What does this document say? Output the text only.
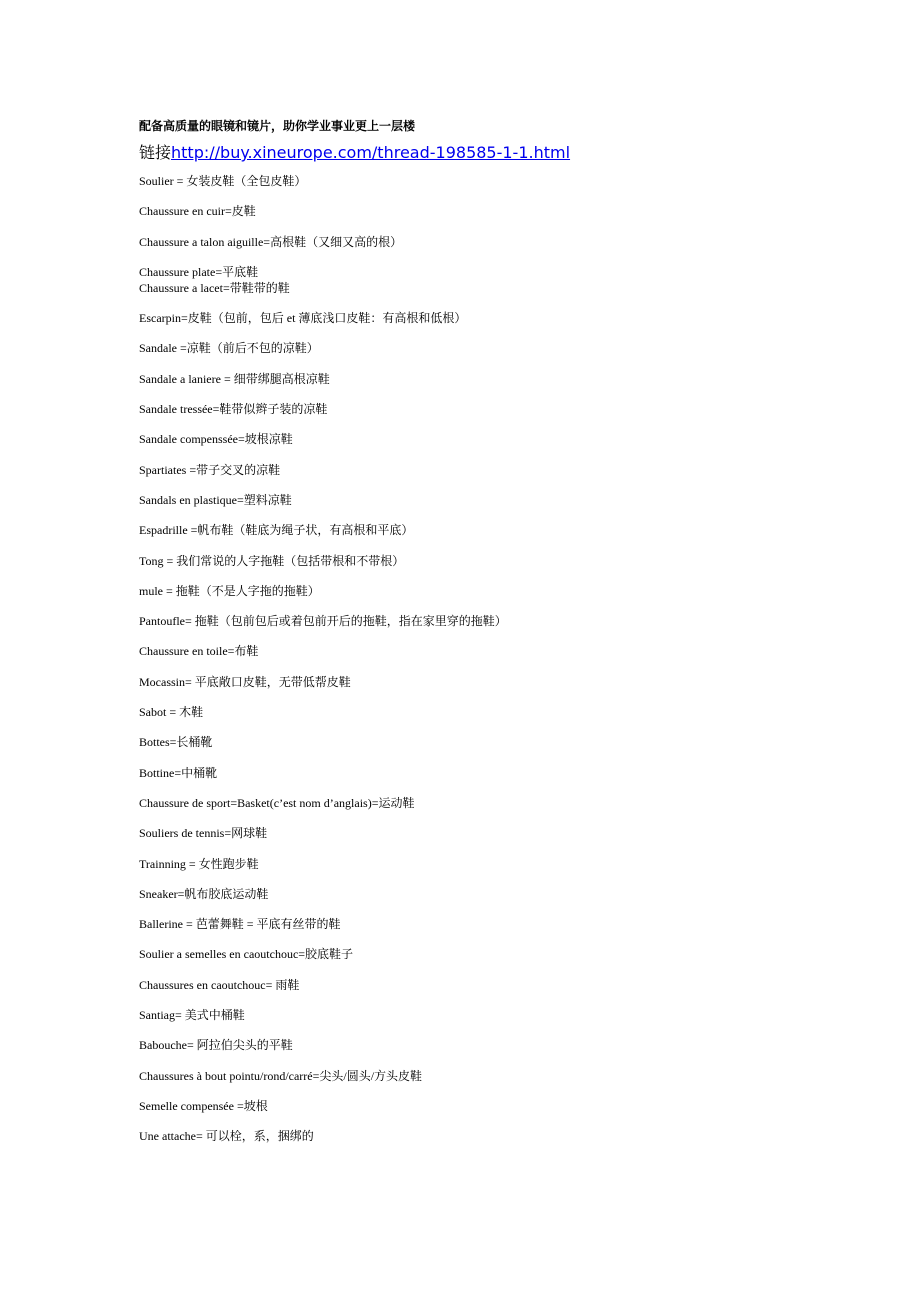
配备高质量的眼镜和镜片，助你学业事业更上一层楼
链接http://buy.xineurope.com/thread-198585-1-1.html
Soulier = 女装皮鞋（全包皮鞋）
Chaussure en cuir=皮鞋
Chaussure a talon aiguille=高根鞋（又细又高的根）
Chaussure plate=平底鞋
Chaussure a lacet=带鞋带的鞋
Escarpin=皮鞋（包前，包后 et 薄底浅口皮鞋：有高根和低根）
Sandale =凉鞋（前后不包的凉鞋）
Sandale a laniere = 细带绑腿高根凉鞋
Sandale tressée=鞋带似辫子装的凉鞋
Sandale compenssée=坡根凉鞋
Spartiates =带子交叉的凉鞋
Sandals en plastique=塑料凉鞋
Espadrille =帆布鞋（鞋底为绳子状，有高根和平底）
Tong = 我们常说的人字拖鞋（包括带根和不带根）
mule = 拖鞋（不是人字拖的拖鞋）
Pantoufle= 拖鞋（包前包后或着包前开后的拖鞋，指在家里穿的拖鞋）
Chaussure en toile=布鞋
Mocassin= 平底敞口皮鞋，无带低帮皮鞋
Sabot = 木鞋
Bottes=长桶靴
Bottine=中桶靴
Chaussure de sport=Basket(c’est nom d’anglais)=运动鞋
Souliers de tennis=网球鞋
Trainning = 女性跑步鞋
Sneaker=帆布胶底运动鞋
Ballerine = 芭蕾舞鞋 = 平底有丝带的鞋
Soulier a semelles en caoutchouc=胶底鞋子
Chaussures en caoutchouc= 雨鞋
Santiag= 美式中桶鞋
Babouche= 阿拉伯尖头的平鞋
Chaussures à bout pointu/rond/carré=尖头/圆头/方头皮鞋
Semelle compensée =坡根
Une attache= 可以栓，系，捆绑的
